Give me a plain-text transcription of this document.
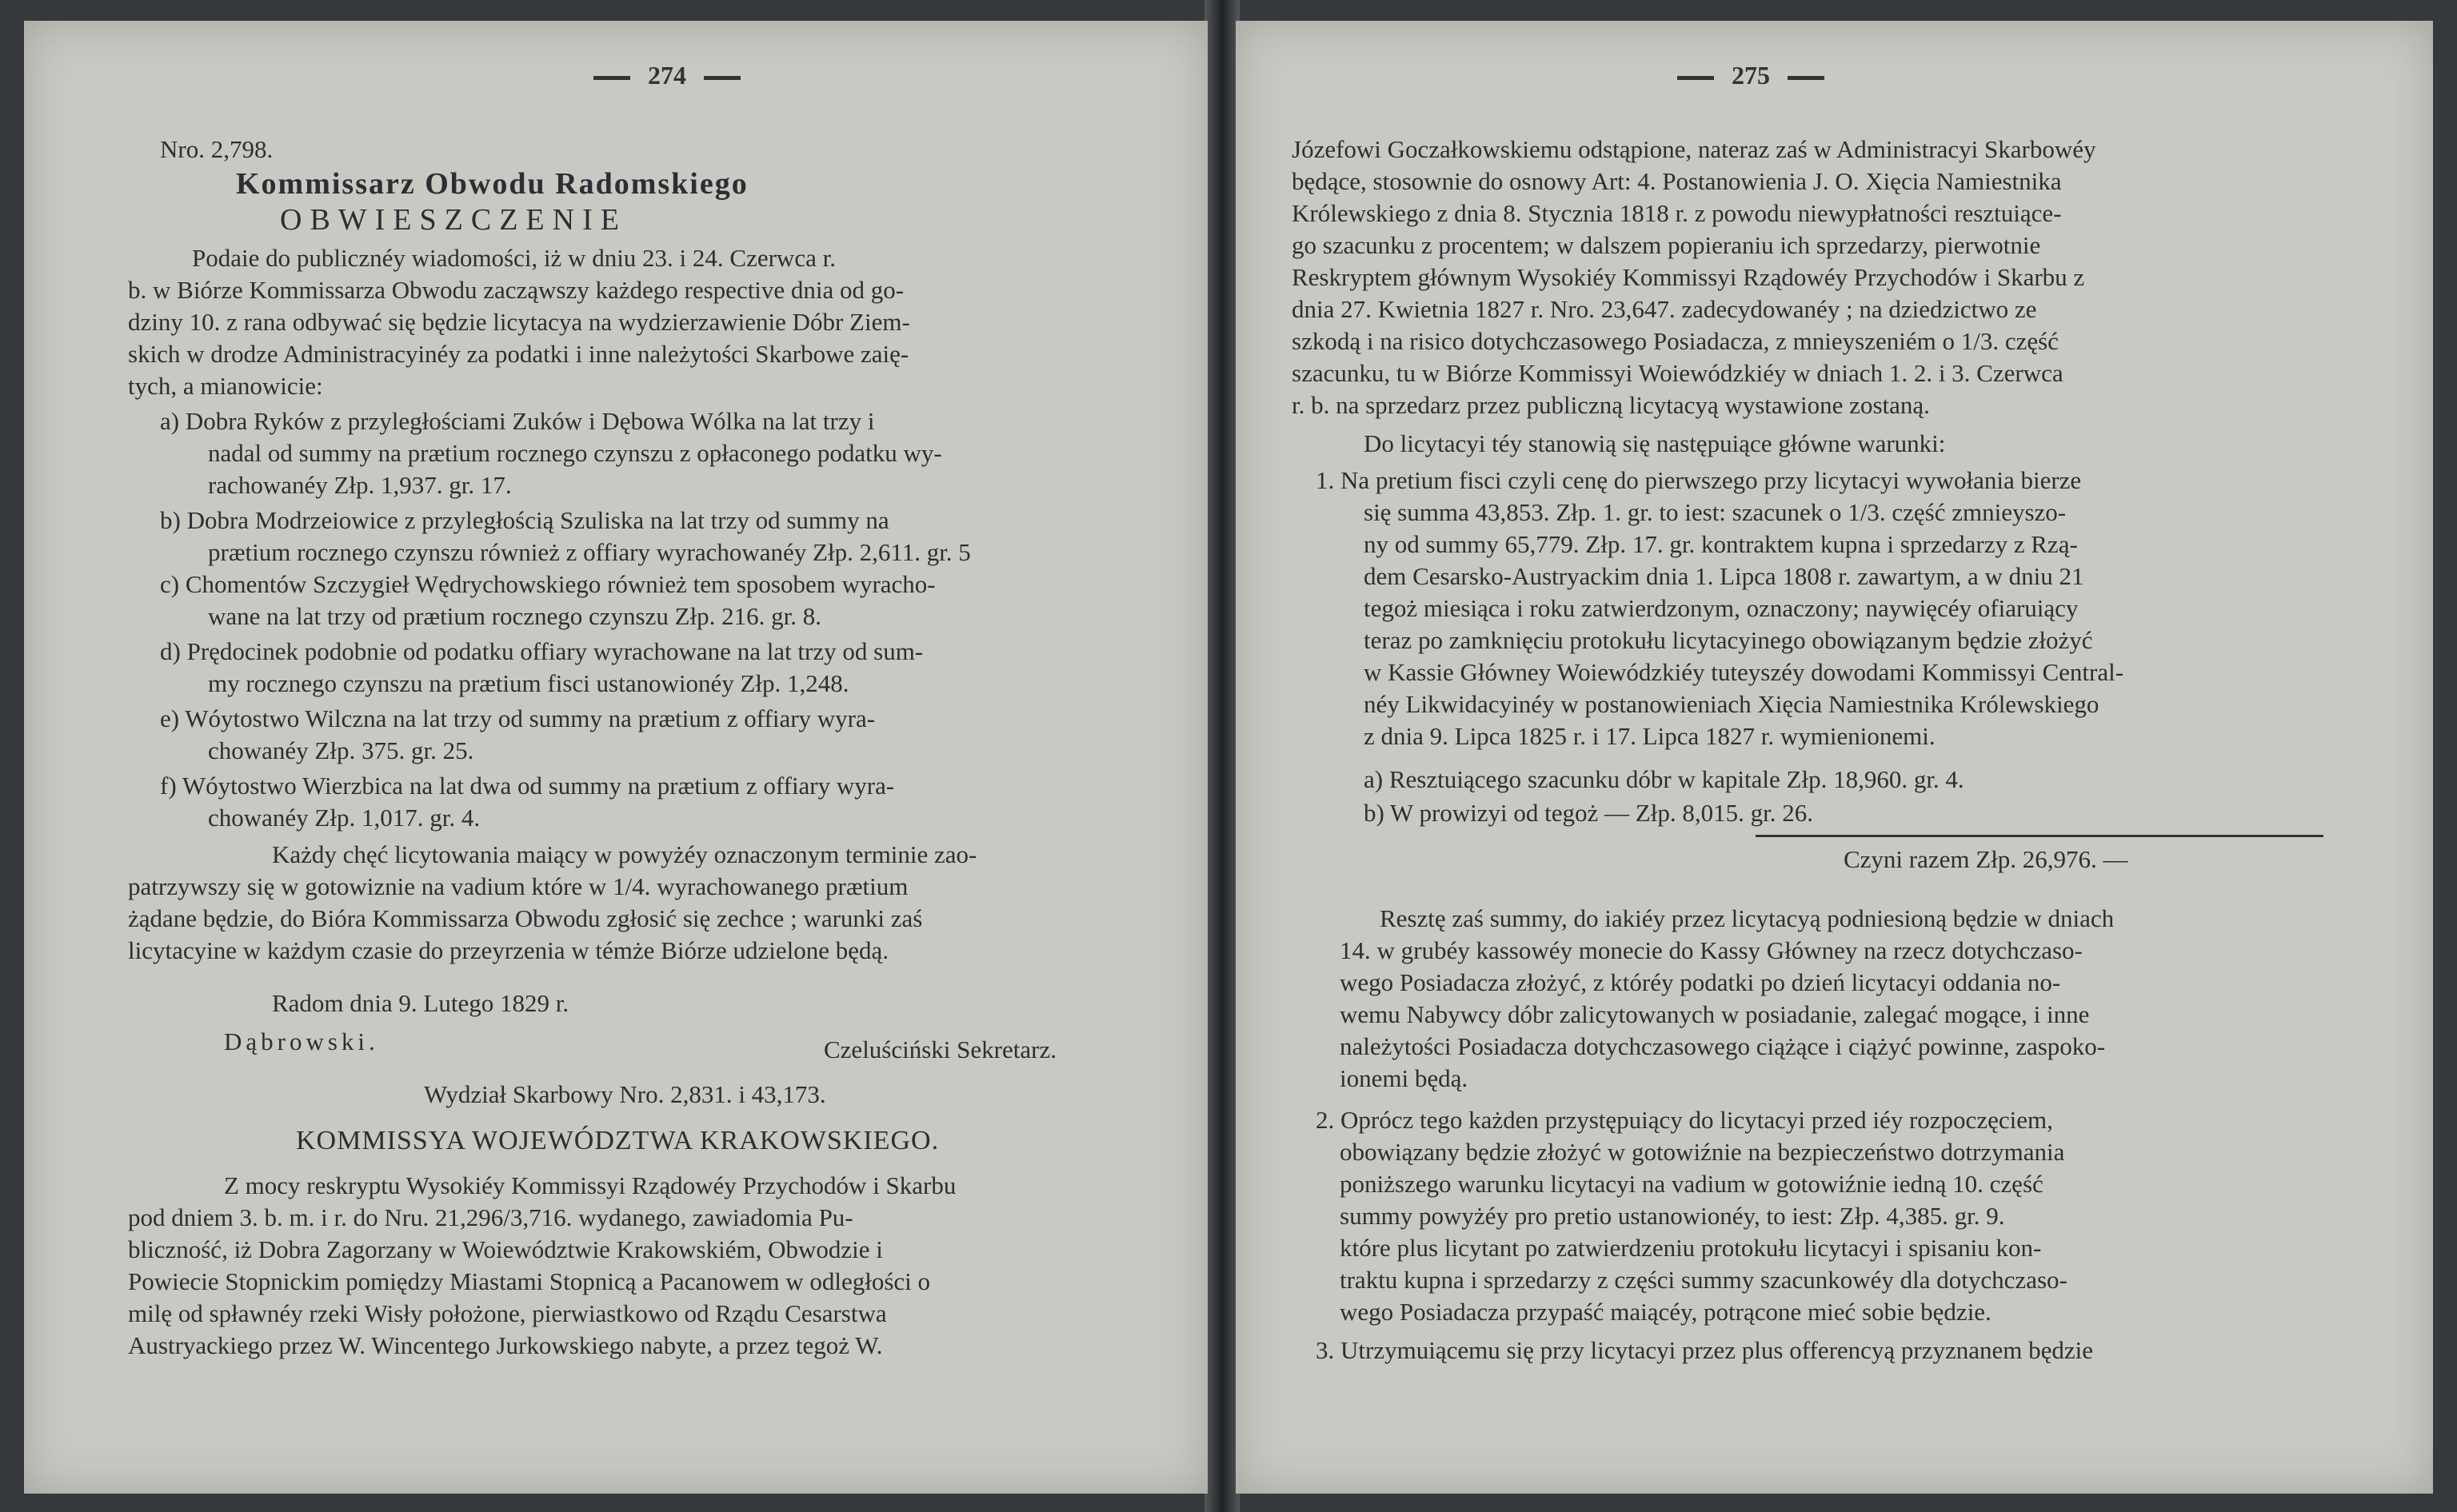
274
Nro. 2,798.
Kommissarz Obwodu Radomskiego
OBWIESZCZENIE
Podaie do publicznéy wiadomości, iż w dniu 23. i 24. Czerwca r.
b. w Biórze Kommissarza Obwodu zacząwszy każdego respective dnia od go-
dziny 10. z rana odbywać się będzie licytacya na wydzierzawienie Dóbr Ziem-
skich w drodze Administracyinéy za podatki i inne należytości Skarbowe zaię-
tych, a mianowicie:
a) Dobra Ryków z przyległościami Zuków i Dębowa Wólka na lat trzy i
nadal od summy na prætium rocznego czynszu z opłaconego podatku wy-
rachowanéy Złp. 1,937. gr. 17.
b) Dobra Modrzeiowice z przyległością Szuliska na lat trzy od summy na
prætium rocznego czynszu również z offiary wyrachowanéy Złp. 2,611. gr. 5
c) Chomentów Szczygieł Wędrychowskiego również tem sposobem wyracho-
wane na lat trzy od prætium rocznego czynszu Złp. 216. gr. 8.
d) Prędocinek podobnie od podatku offiary wyrachowane na lat trzy od sum-
my rocznego czynszu na prætium fisci ustanowionéy Złp. 1,248.
e) Wóytostwo Wilczna na lat trzy od summy na prætium z offiary wyra-
chowanéy Złp. 375. gr. 25.
f) Wóytostwo Wierzbica na lat dwa od summy na prætium z offiary wyra-
chowanéy Złp. 1,017. gr. 4.
Każdy chęć licytowania maiący w powyżéy oznaczonym terminie zao-
patrzywszy się w gotowiznie na vadium które w 1/4. wyrachowanego prætium
żądane będzie, do Biórа Kommissarza Obwodu zgłosić się zechce ; warunki zaś
licytacyine w każdym czasie do przeyrzenia w témże Biórze udzielone będą.
Radom dnia 9. Lutego 1829 r.
Dąbrowski.	Czeluściński Sekretarz.
Wydział Skarbowy Nro. 2,831. i 43,173.
KOMMISSYA WOJEWÓDZTWA KRAKOWSKIEGO.
Z mocy reskryptu Wysokiéy Kommissyi Rządowéy Przychodów i Skarbu
pod dniem 3. b. m. i r. do Nru. 21,296/3,716. wydanego, zawiadomia Pu-
bliczność, iż Dobra Zagorzany w Woiewództwie Krakowskiém, Obwodzie i
Powiecie Stopnickim pomiędzy Miastami Stopnicą a Pacanowem w odległości o
milę od spławnéy rzeki Wisły położone, pierwiastkowo od Rządu Cesarstwa
Austryackiego przez W. Wincentego Jurkowskiego nabyte, a przez tegoż W.
275
Józefowi Goczałkowskiemu odstąpione, nateraz zaś w Administracyi Skarbowéy
będące, stosownie do osnowy Art: 4. Postanowienia J. O. Xięcia Namiestnika
Królewskiego z dnia 8. Stycznia 1818 r. z powodu niewypłatności resztuiące-
go szacunku z procentem; w dalszem popieraniu ich sprzedarzy, pierwotnie
Reskryptem głównym Wysokiéy Kommissyi Rządowéy Przychodów i Skarbu z
dnia 27. Kwietnia 1827 r. Nro. 23,647. zadecydowanéy ; na dziedzictwo ze
szkodą i na risico dotychczasowego Posiadacza, z mnieyszeniém o 1/3. część
szacunku, tu w Biórze Kommissyi Woiewódzkiéy w dniach 1. 2. i 3. Czerwca
r. b. na sprzedarz przez publiczną licytacyą wystawione zostaną.
Do licytacyi téy stanowią się następuiące główne warunki:
1. Na pretium fisci czyli cenę do pierwszego przy licytacyi wywołania bierze
się summa 43,853. Złp. 1. gr. to iest: szacunek o 1/3. część zmnieyszo-
ny od summy 65,779. Złp. 17. gr. kontraktem kupna i sprzedarzy z Rzą-
dem Cesarsko-Austryackim dnia 1. Lipca 1808 r. zawartym, a w dniu 21
tegoż miesiąca i roku zatwierdzonym, oznaczony; naywięcéy ofiaruiący
teraz po zamknięciu protokułu licytacyinego obowiązanym będzie złożyć
w Kassie Główney Woiewódzkiéy tuteyszéy dowodami Kommissyi Central-
néy Likwidacyinéy w postanowieniach Xięcia Namiestnika Królewskiego
z dnia 9. Lipca 1825 r. i 17. Lipca 1827 r. wymienionemi.
a) Resztuiącego szacunku dóbr w kapitale Złp. 18,960. gr. 4.
b) W prowizyi od tegoż — Złp. 8,015. gr. 26.
Czyni razem Złp. 26,976. —
Resztę zaś summy, do iakiéy przez licytacyą podniesioną będzie w dniach
14. w grubéy kassowéy monecie do Kassy Główney na rzecz dotychczaso-
wego Posiadacza złożyć, z któréy podatki po dzień licytacyi oddania no-
wemu Nabywcy dóbr zalicytowanych w posiadanie, zalegać mogące, i inne
należytości Posiadacza dotychczasowego ciążące i ciążyć powinne, zaspoko-
ionemi będą.
2. Oprócz tego każden przystępuiący do licytacyi przed iéy rozpoczęciem,
obowiązany będzie złożyć w gotowiźnie na bezpieczeństwo dotrzymania
poniższego warunku licytacyi na vadium w gotowiźnie iedną 10. część
summy powyżéy pro pretio ustanowionéy, to iest: Złp. 4,385. gr. 9.
które plus licytant po zatwierdzeniu protokułu licytacyi i spisaniu kon-
traktu kupna i sprzedarzy z części summy szacunkowéy dla dotychczaso-
wego Posiadacza przypaść maiącéy, potrącone mieć sobie będzie.
3. Utrzymuiącemu się przy licytacyi przez plus offerencyą przyznanem będzie
